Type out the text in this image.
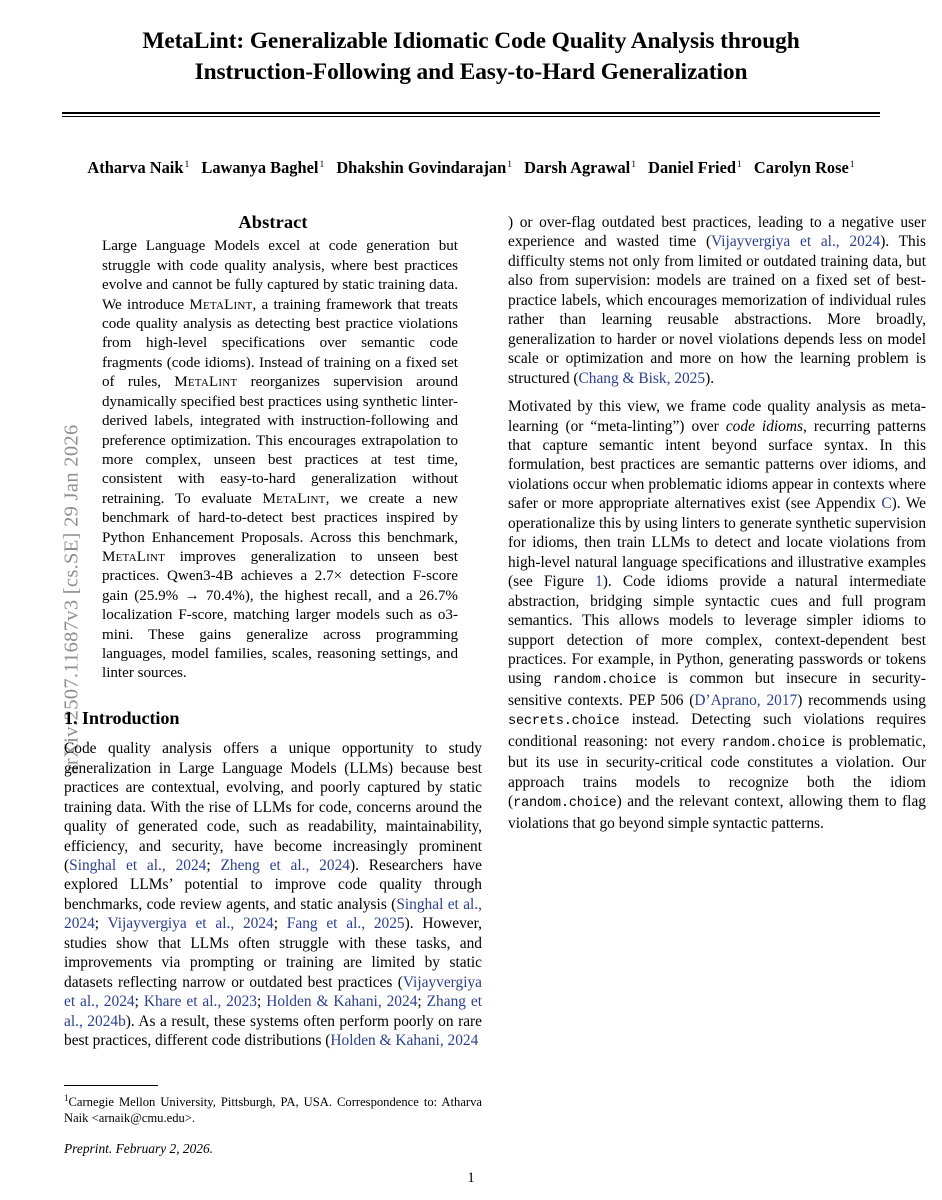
arXiv:2507.11687v3 [cs.SE] 29 Jan 2026
MetaLint: Generalizable Idiomatic Code Quality Analysis through
Instruction-Following and Easy-to-Hard Generalization
Atharva Naik$^1$ Lawanya Baghel$^1$ Dhakshin Govindarajan$^1$ Darsh Agrawal$^1$ Daniel Fried$^1$ Carolyn Rose$^1$
Abstract
Large Language Models excel at code generation but struggle with code quality analysis, where best practices evolve and cannot be fully captured by static training data. We introduce MetaLint, a training framework that treats code quality analysis as detecting best practice violations from high-level specifications over semantic code fragments (code idioms). Instead of training on a fixed set of rules, MetaLint reorganizes supervision around dynamically specified best practices using synthetic linter-derived labels, integrated with instruction-following and preference optimization. This encourages extrapolation to more complex, unseen best practices at test time, consistent with easy-to-hard generalization without retraining. To evaluate MetaLint, we create a new benchmark of hard-to-detect best practices inspired by Python Enhancement Proposals. Across this benchmark, MetaLint improves generalization to unseen best practices. Qwen3-4B achieves a 2.7× detection F-score gain (25.9% → 70.4%), the highest recall, and a 26.7% localization F-score, matching larger models such as o3-mini. These gains generalize across programming languages, model families, scales, reasoning settings, and linter sources.
1. Introduction

Code quality analysis offers a unique opportunity to study generalization in Large Language Models (LLMs) because best practices are contextual, evolving, and poorly captured by static training data. With the rise of LLMs for code, concerns around the quality of generated code, such as readability, maintainability, efficiency, and security, have become increasingly prominent (Singhal et al., 2024; Zheng et al., 2024). Researchers have explored LLMs’ potential to improve code quality through benchmarks, code review agents, and static analysis (Singhal et al., 2024; Vijayvergiya et al., 2024; Fang et al., 2025). However, studies show that LLMs often struggle with these tasks, and improvements via prompting or training are limited by static datasets reflecting narrow or outdated best practices (Vijayvergiya et al., 2024; Khare et al., 2023; Holden & Kahani, 2024; Zhang et al., 2024b). As a result, these systems often perform poorly on rare best practices, different code distributions (Holden & Kahani, 2024

) or over-flag outdated best practices, leading to a negative user experience and wasted time (Vijayvergiya et al., 2024). This difficulty stems not only from limited or outdated training data, but also from supervision: models are trained on a fixed set of best-practice labels, which encourages memorization of individual rules rather than learning reusable abstractions. More broadly, generalization to harder or novel violations depends less on model scale or optimization and more on how the learning problem is structured (Chang & Bisk, 2025).

Motivated by this view, we frame code quality analysis as meta-learning (or “meta-linting”) over code idioms, recurring patterns that capture semantic intent beyond surface syntax. In this formulation, best practices are semantic patterns over idioms, and violations occur when problematic idioms appear in contexts where safer or more appropriate alternatives exist (see Appendix C). We operationalize this by using linters to generate synthetic supervision for idioms, then train LLMs to detect and locate violations from high-level natural language specifications and illustrative examples (see Figure 1). Code idioms provide a natural intermediate abstraction, bridging simple syntactic cues and full program semantics. This allows models to leverage simpler idioms to support detection of more complex, context-dependent best practices. For example, in Python, generating passwords or tokens using random.choice is common but insecure in security-sensitive contexts. PEP 506 (D’Aprano, 2017) recommends using secrets.choice instead. Detecting such violations requires conditional reasoning: not every random.choice is problematic, but its use in security-critical code constitutes a violation. Our approach trains models to recognize both the idiom (random.choice) and the relevant context, allowing them to flag violations that go beyond simple syntactic patterns.

$^1$Carnegie Mellon University, Pittsburgh, PA, USA. Correspondence to: Atharva Naik <arnaik@cmu.edu>.

Preprint. February 2, 2026.
1
